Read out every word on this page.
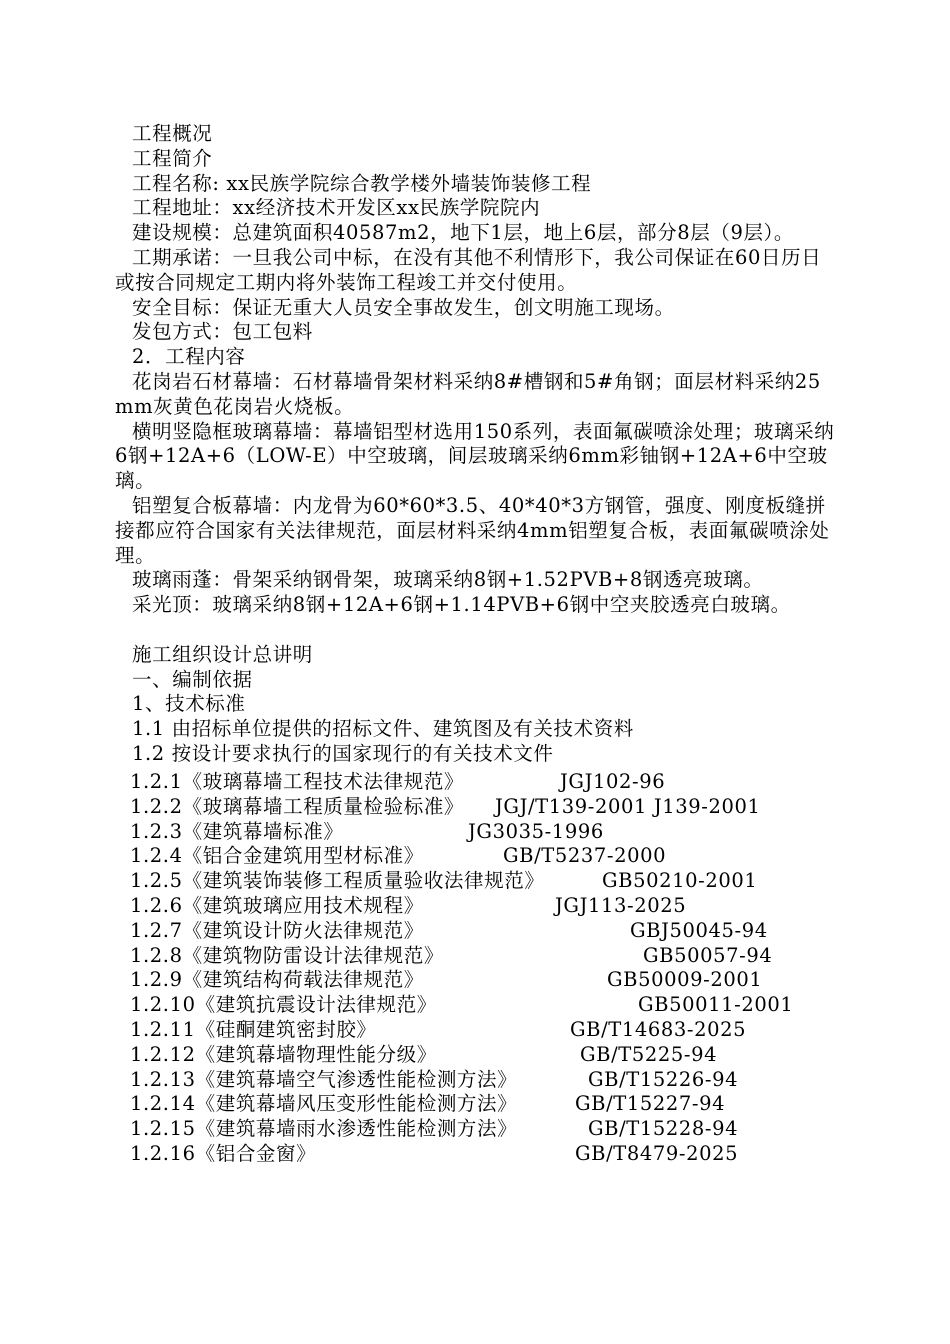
工程概况
工程简介
工程名称: xx民族学院综合教学楼外墙装饰装修工程
工程地址：xx经济技术开发区xx民族学院院内
建设规模：总建筑面积40587m2，地下1层，地上6层，部分8层（9层）。
工期承诺：一旦我公司中标，在没有其他不利情形下，我公司保证在60日历日或按合同规定工期内将外装饰工程竣工并交付使用。
安全目标：保证无重大人员安全事故发生，创文明施工现场。
发包方式：包工包料
2．工程内容
花岗岩石材幕墙：石材幕墙骨架材料采纳8#槽钢和5#角钢；面层材料采纳25mm灰黄色花岗岩火烧板。
横明竖隐框玻璃幕墙：幕墙铝型材选用150系列，表面氟碳喷涂处理；玻璃采纳6钢+12A+6（LOW-E）中空玻璃，间层玻璃采纳6mm彩铀钢+12A+6中空玻璃。
铝塑复合板幕墙：内龙骨为60*60*3.5、40*40*3方钢管，强度、刚度板缝拼接都应符合国家有关法律规范，面层材料采纳4mm铝塑复合板，表面氟碳喷涂处理。
玻璃雨蓬：骨架采纳钢骨架，玻璃采纳8钢+1.52PVB+8钢透亮玻璃。
采光顶：玻璃采纳8钢+12A+6钢+1.14PVB+6钢中空夹胶透亮白玻璃。
施工组织设计总讲明
一、编制依据
1、技术标准
1.1 由招标单位提供的招标文件、建筑图及有关技术资料
1.2 按设计要求执行的国家现行的有关技术文件
1.2.1《玻璃幕墙工程技术法律规范》	JGJ102-96
1.2.2《玻璃幕墙工程质量检验标准》 JGJ/T139-2001 J139-2001
1.2.3《建筑幕墙标准》	JG3035-1996
1.2.4《铝合金建筑用型材标准》	GB/T5237-2000
1.2.5《建筑装饰装修工程质量验收法律规范》	GB50210-2001
1.2.6《建筑玻璃应用技术规程》	JGJ113-2025
1.2.7《建筑设计防火法律规范》	GBJ50045-94
1.2.8《建筑物防雷设计法律规范》	GB50057-94
1.2.9《建筑结构荷载法律规范》	GB50009-2001
1.2.10《建筑抗震设计法律规范》	GB50011-2001
1.2.11《硅酮建筑密封胶》	GB/T14683-2025
1.2.12《建筑幕墙物理性能分级》	GB/T5225-94
1.2.13《建筑幕墙空气渗透性能检测方法》	GB/T15226-94
1.2.14《建筑幕墙风压变形性能检测方法》	GB/T15227-94
1.2.15《建筑幕墙雨水渗透性能检测方法》	GB/T15228-94
1.2.16《铝合金窗》	GB/T8479-2025
